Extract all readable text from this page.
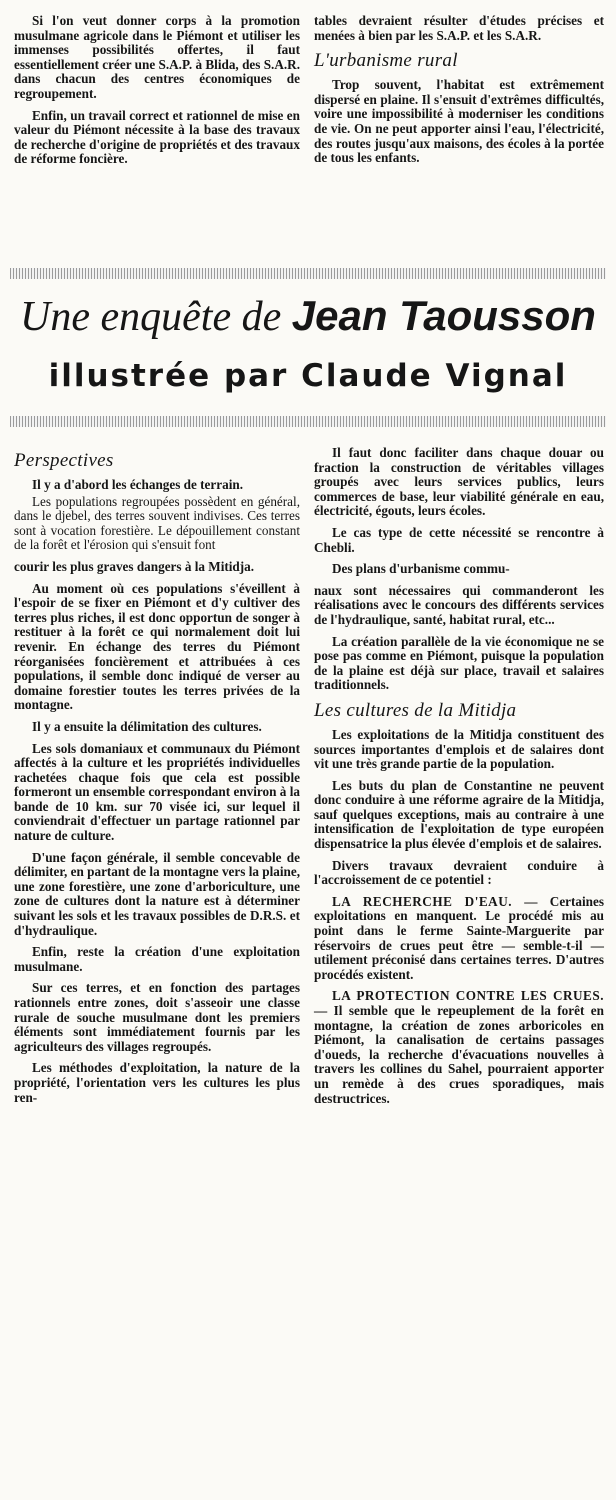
Si l'on veut donner corps à la promotion musulmane agricole dans le Piémont et utiliser les immenses possibilités offertes, il faut essentiellement créer une S.A.P. à Blida, des S.A.R. dans chacun des centres économiques de regroupement.

Enfin, un travail correct et rationnel de mise en valeur du Piémont nécessite à la base des travaux de recherche d'origine de propriétés et des travaux de réforme foncière.

tables devraient résulter d'études précises et menées à bien par les S.A.P. et les S.A.R.

L'urbanisme rural

Trop souvent, l'habitat est extrêmement dispersé en plaine. Il s'ensuit d'extrêmes difficultés, voire une impossibilité à moderniser les conditions de vie. On ne peut apporter ainsi l'eau, l'électricité, des routes jusqu'aux maisons, des écoles à la portée de tous les enfants.

Une enquête de Jean Taousson
illustrée par Claude Vignal
Perspectives

Il y a d'abord les échanges de terrain.

Les populations regroupées possèdent en général, dans le djebel, des terres souvent indivises. Ces terres sont à vocation forestière. Le dépouillement constant de la forêt et l'érosion qui s'ensuit font

courir les plus graves dangers à la Mitidja.

Au moment où ces populations s'éveillent à l'espoir de se fixer en Piémont et d'y cultiver des terres plus riches, il est donc opportun de songer à restituer à la forêt ce qui normalement doit lui revenir. En échange des terres du Piémont réorganisées foncièrement et attribuées à ces populations, il semble donc indiqué de verser au domaine forestier toutes les terres privées de la montagne.

Il y a ensuite la délimitation des cultures.

Les sols domaniaux et communaux du Piémont affectés à la culture et les propriétés individuelles rachetées chaque fois que cela est possible formeront un ensemble correspondant environ à la bande de 10 km. sur 70 visée ici, sur lequel il conviendrait d'effectuer un partage rationnel par nature de culture.

D'une façon générale, il semble concevable de délimiter, en partant de la montagne vers la plaine, une zone forestière, une zone d'arboriculture, une zone de cultures dont la nature est à déterminer suivant les sols et les travaux possibles de D.R.S. et d'hydraulique.

Enfin, reste la création d'une exploitation musulmane.

Sur ces terres, et en fonction des partages rationnels entre zones, doit s'asseoir une classe rurale de souche musulmane dont les premiers éléments sont immédiatement fournis par les agriculteurs des villages regroupés.

Les méthodes d'exploitation, la nature de la propriété, l'orientation vers les cultures les plus ren-

Il faut donc faciliter dans chaque douar ou fraction la construction de véritables villages groupés avec leurs services publics, leurs commerces de base, leur viabilité générale en eau, électricité, égouts, leurs écoles.

Le cas type de cette nécessité se rencontre à Chebli.

Des plans d'urbanisme commu-

naux sont nécessaires qui commanderont les réalisations avec le concours des différents services de l'hydraulique, santé, habitat rural, etc...

La création parallèle de la vie économique ne se pose pas comme en Piémont, puisque la population de la plaine est déjà sur place, travail et salaires traditionnels.

Les cultures de la Mitidja

Les exploitations de la Mitidja constituent des sources importantes d'emplois et de salaires dont vit une très grande partie de la population.

Les buts du plan de Constantine ne peuvent donc conduire à une réforme agraire de la Mitidja, sauf quelques exceptions, mais au contraire à une intensification de l'exploitation de type européen dispensatrice la plus élevée d'emplois et de salaires.

Divers travaux devraient conduire à l'accroissement de ce potentiel :

LA RECHERCHE D'EAU. — Certaines exploitations en manquent. Le procédé mis au point dans le ferme Sainte-Marguerite par réservoirs de crues peut être — semble-t-il — utilement préconisé dans certaines terres. D'autres procédés existent.

LA PROTECTION CONTRE LES CRUES. — Il semble que le repeuplement de la forêt en montagne, la création de zones arboricoles en Piémont, la canalisation de certains passages d'oueds, la recherche d'évacuations nouvelles à travers les collines du Sahel, pourraient apporter un remède à des crues sporadiques, mais destructrices.
